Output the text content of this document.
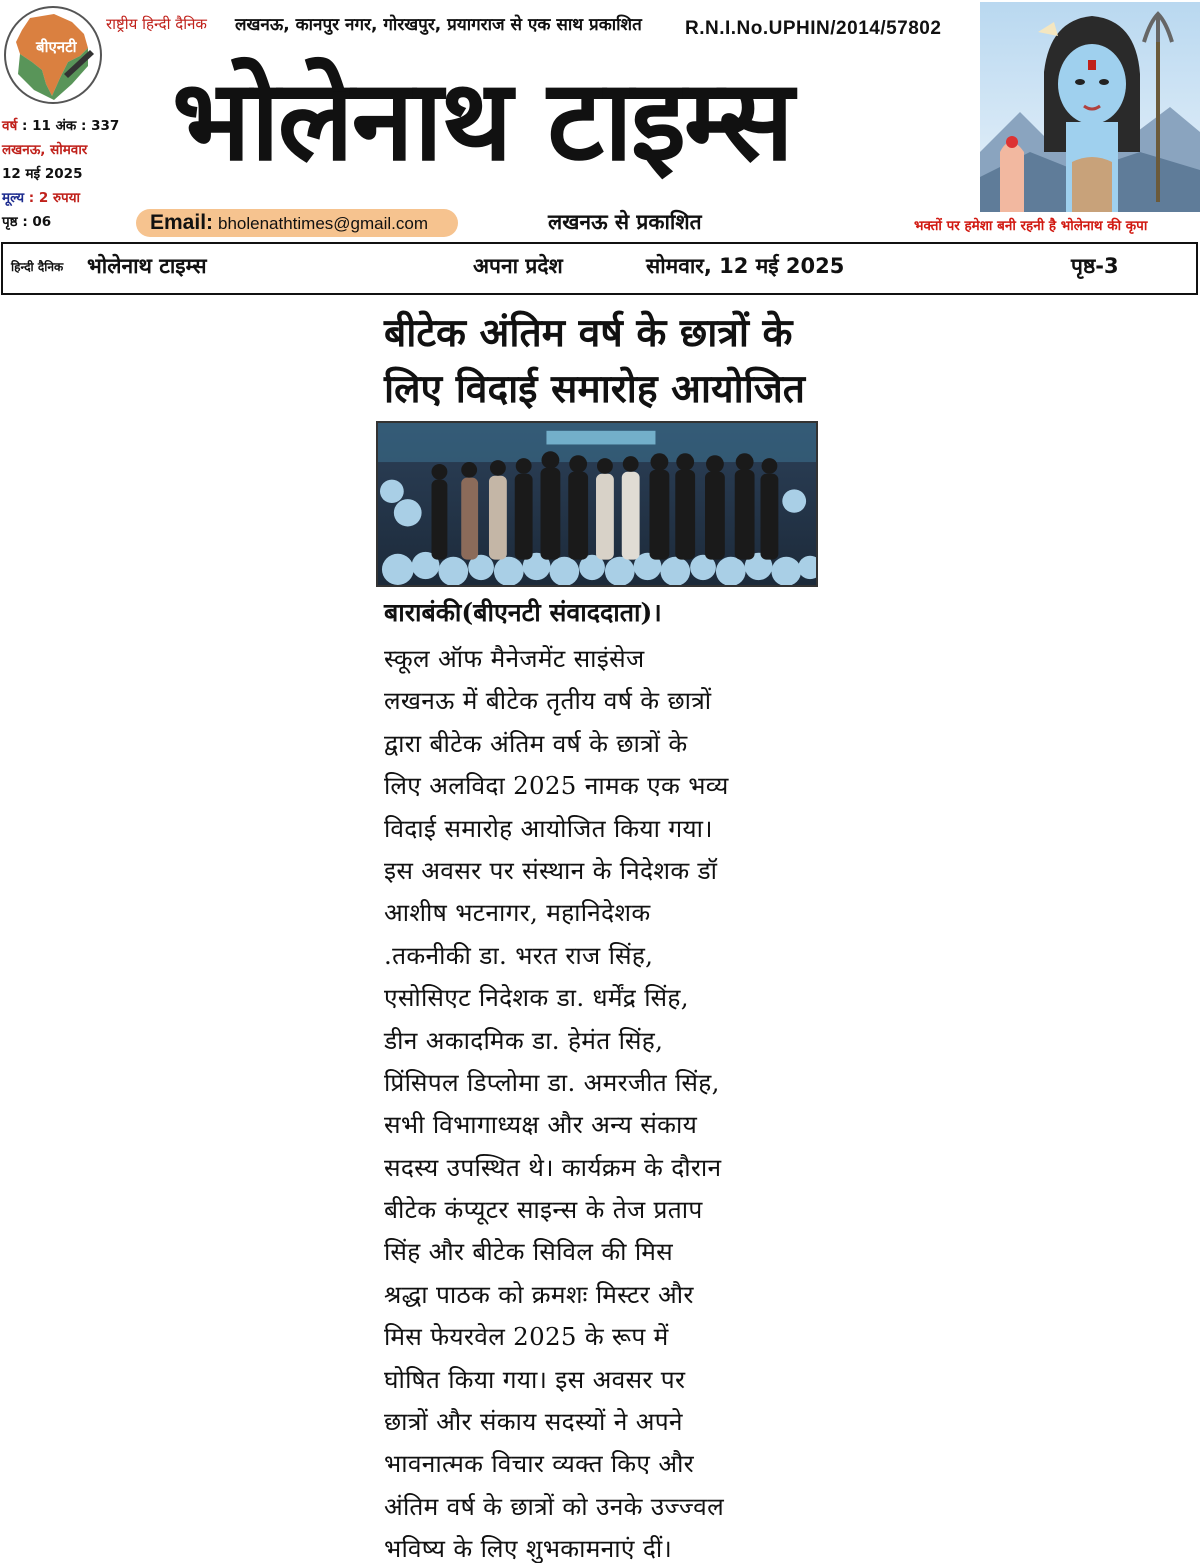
बीएनटी
राष्ट्रीय हिन्दी दैनिक लखनऊ, कानपुर नगर, गोरखपुर, प्रयागराज से एक साथ प्रकाशित R.N.I.No.UPHIN/2014/57802
वर्ष : 11 अंक : 337
लखनऊ, सोमवार
12 मई 2025
मूल्य : 2 रुपया
पृष्ठ : 06
भोलेनाथ टाइम्स
Email: bholenathtimes@gmail.com	लखनऊ से प्रकाशित	भक्तों पर हमेशा बनी रहनी है भोलेनाथ की कृपा
हिन्दी दैनिक भोलेनाथ टाइम्स	अपना प्रदेश	सोमवार, 12 मई 2025	पृष्ठ-3
बीटेक अंतिम वर्ष के छात्रों के
लिए विदाई समारोह आयोजित
बाराबंकी(बीएनटी संवाददाता)।
स्कूल ऑफ मैनेजमेंट साइंसेज
लखनऊ में बीटेक तृतीय वर्ष के छात्रों
द्वारा बीटेक अंतिम वर्ष के छात्रों के
लिए अलविदा 2025 नामक एक भव्य
विदाई समारोह आयोजित किया गया।
इस अवसर पर संस्थान के निदेशक डॉ
आशीष भटनागर, महानिदेशक
.तकनीकी डा. भरत राज सिंह,
एसोसिएट निदेशक डा. धर्मेंद्र सिंह,
डीन अकादमिक डा. हेमंत सिंह,
प्रिंसिपल डिप्लोमा डा. अमरजीत सिंह,
सभी विभागाध्यक्ष और अन्य संकाय
सदस्य उपस्थित थे। कार्यक्रम के दौरान
बीटेक कंप्यूटर साइन्स के तेज प्रताप
सिंह और बीटेक सिविल की मिस
श्रद्धा पाठक को क्रमशः मिस्टर और
मिस फेयरवेल 2025 के रूप में
घोषित किया गया। इस अवसर पर
छात्रों और संकाय सदस्यों ने अपने
भावनात्मक विचार व्यक्त किए और
अंतिम वर्ष के छात्रों को उनके उज्ज्वल
भविष्य के लिए शुभकामनाएं दीं।
